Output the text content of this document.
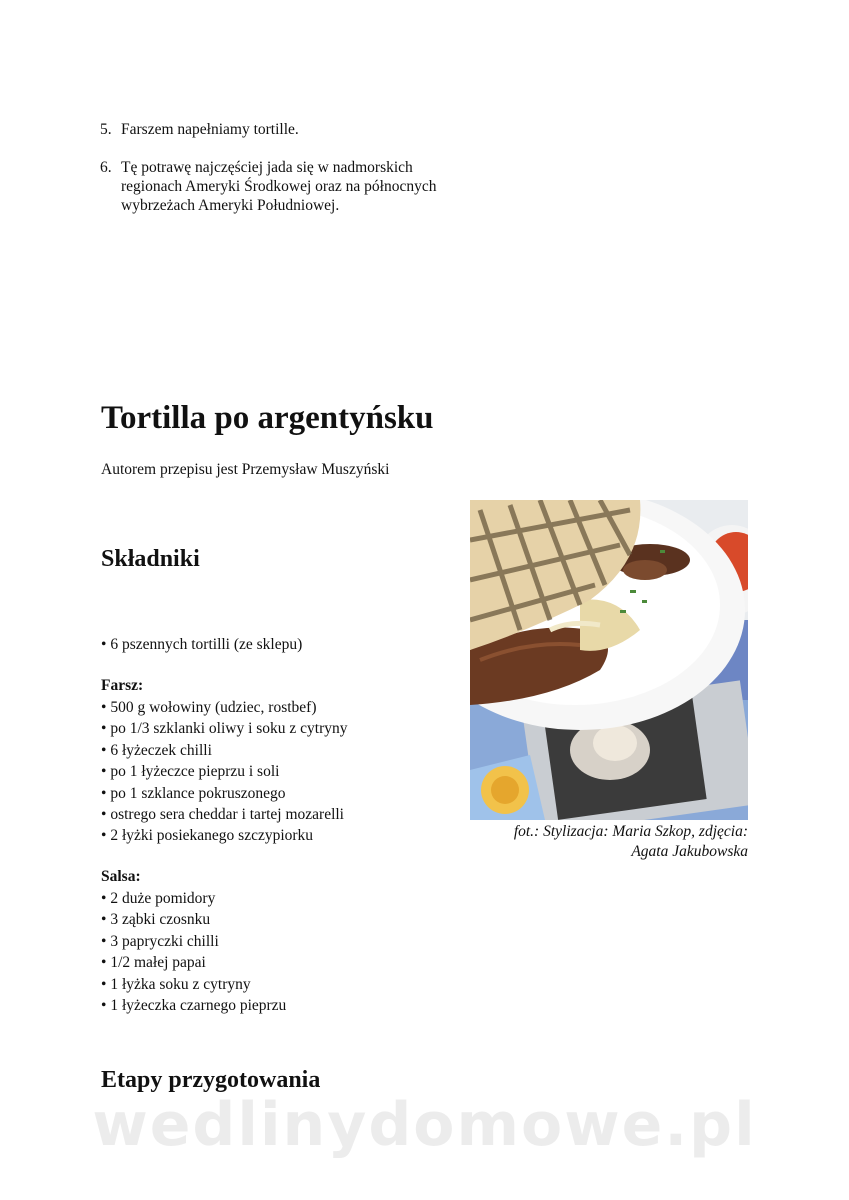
5. Farszem napełniamy tortille.
6. Tę potrawę najczęściej jada się w nadmorskich regionach Ameryki Środkowej oraz na północnych wybrzeżach Ameryki Południowej.
Tortilla po argentyńsku

Autorem przepisu jest Przemysław Muszyński

Składniki
• 6 pszennych tortilli (ze sklepu)

Farsz:

• 500 g wołowiny (udziec, rostbef)
• po 1/3 szklanki oliwy i soku z cytryny
• 6 łyżeczek chilli
• po 1 łyżeczce pieprzu i soli
• po 1 szklance pokruszonego
• ostrego sera cheddar i tartej mozarelli
• 2 łyżki posiekanego szczypiorku

Salsa:

• 2 duże pomidory
• 3 ząbki czosnku
• 3 papryczki chilli
• 1/2 małej papai
• 1 łyżka soku z cytryny
• 1 łyżeczka czarnego pieprzu

fot.: Stylizacja: Maria Szkop, zdjęcia:
Agata Jakubowska

Etapy przygotowania

wedlinydomowe.pl
